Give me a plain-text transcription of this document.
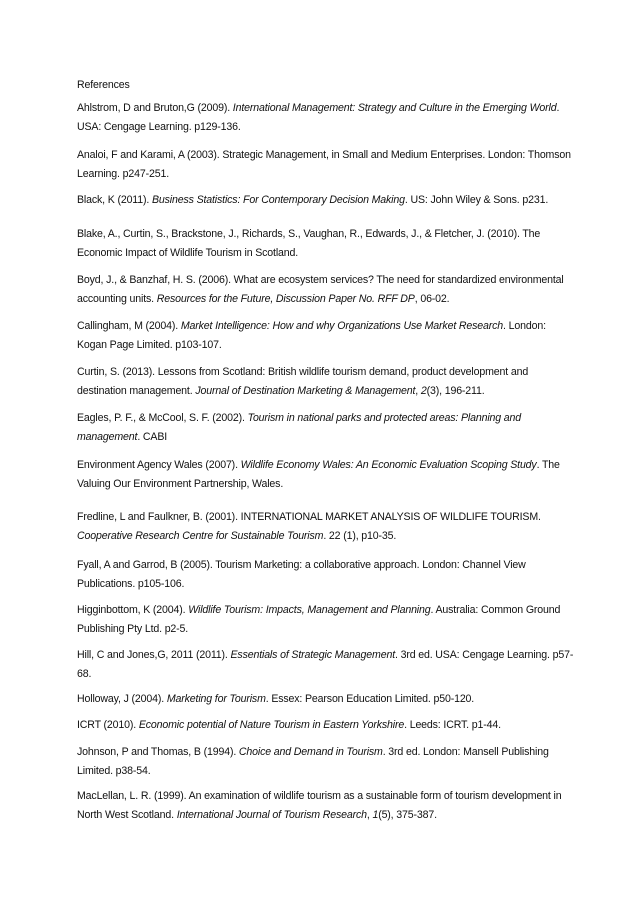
References
Ahlstrom, D and Bruton,G (2009). International Management: Strategy and Culture in the Emerging World. USA: Cengage Learning. p129-136.
Analoi, F and Karami, A (2003). Strategic Management, in Small and Medium Enterprises. London: Thomson Learning. p247-251.
Black, K (2011). Business Statistics: For Contemporary Decision Making. US: John Wiley & Sons. p231.
Blake, A., Curtin, S., Brackstone, J., Richards, S., Vaughan, R., Edwards, J., & Fletcher, J. (2010). The Economic Impact of Wildlife Tourism in Scotland.
Boyd, J., & Banzhaf, H. S. (2006). What are ecosystem services? The need for standardized environmental accounting units. Resources for the Future, Discussion Paper No. RFF DP, 06-02.
Callingham, M (2004). Market Intelligence: How and why Organizations Use Market Research. London: Kogan Page Limited. p103-107.
Curtin, S. (2013). Lessons from Scotland: British wildlife tourism demand, product development and destination management. Journal of Destination Marketing & Management, 2(3), 196-211.
Eagles, P. F., & McCool, S. F. (2002). Tourism in national parks and protected areas: Planning and management. CABI
Environment Agency Wales (2007). Wildlife Economy Wales: An Economic Evaluation Scoping Study. The Valuing Our Environment Partnership, Wales.
Fredline, L and Faulkner, B. (2001). INTERNATIONAL MARKET ANALYSIS OF WILDLIFE TOURISM. Cooperative Research Centre for Sustainable Tourism. 22 (1), p10-35.
Fyall, A and Garrod, B (2005). Tourism Marketing: a collaborative approach. London: Channel View Publications. p105-106.
Higginbottom, K (2004). Wildlife Tourism: Impacts, Management and Planning. Australia: Common Ground Publishing Pty Ltd. p2-5.
Hill, C and Jones,G, 2011 (2011). Essentials of Strategic Management. 3rd ed. USA: Cengage Learning. p57-68.
Holloway, J (2004). Marketing for Tourism. Essex: Pearson Education Limited. p50-120.
ICRT (2010). Economic potential of Nature Tourism in Eastern Yorkshire. Leeds: ICRT. p1-44.
Johnson, P and Thomas, B (1994). Choice and Demand in Tourism. 3rd ed. London: Mansell Publishing Limited. p38-54.
MacLellan, L. R. (1999). An examination of wildlife tourism as a sustainable form of tourism development in North West Scotland. International Journal of Tourism Research, 1(5), 375-387.
